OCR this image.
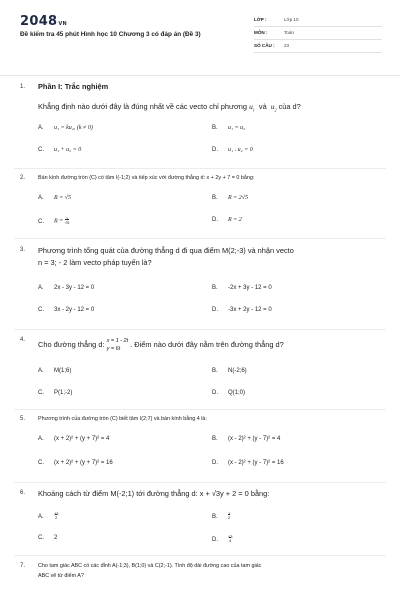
2048VN
Đề kiểm tra 45 phút Hình học 10 Chương 3 có đáp án (Đề 3)
LỚP :	Lớp 10
MÔN :	Toán
SỐ CÂU : 23
1. Phần I: Trắc nghiệm
Khẳng định nào dưới đây là đúng nhất về các vecto chỉ phương $u_1$ và $u_2$ của d?
A. u₁ = ku₂, (k ≠ 0)	B. u₁ = u₂
C. u₁ + u₂ = 0	D. u₁ . u₂ = 0
2. Bán kính đường tròn (C) có tâm I(-1;2) và tiếp xúc với đường thẳng d: x + 2y + 7 = 0 bằng:
A. R = √5	B. R = 2√5
C. R = 1
√5	D. R = 2
3. Phương trình tổng quát của đường thẳng d đi qua điểm M(2;-3) và nhận vecto
n = 3; - 2 làm vecto pháp tuyến là?
A. 2x - 3y - 12 = 0	B. -2x + 3y - 12 = 0
C. 3x - 2y - 12 = 0	D. -3x + 2y - 12 = 0
4. Cho đường thẳng d: x = 1 - 2t
y = 6t . Điểm nào dưới đây nằm trên đường thẳng d?
A. M(1;6)	B. N(-2;6)
C. P(1;-2)	D. Q(1;0)
5. Phương trình của đường tròn (C) biết tâm I(2;7) và bán kính bằng 4 là:
A. (x + 2)² + (y + 7)² = 4	B. (x - 2)² + (y - 7)² = 4
C. (x + 2)² + (y + 7)² = 16	D. (x - 2)² + (y - 7)² = 16
6. Khoảng cách từ điểm M(-2;1) tới đường thẳng d: x + √3y + 2 = 0 bằng:
A.√3
2	B.1
2
C. 2	D.√3
4
7. Cho tam giác ABC có các đỉnh A(-1;3), B(1;0) và C(2;-1). Tính độ dài đường cao của tam giác
ABC vẽ từ điểm A?
